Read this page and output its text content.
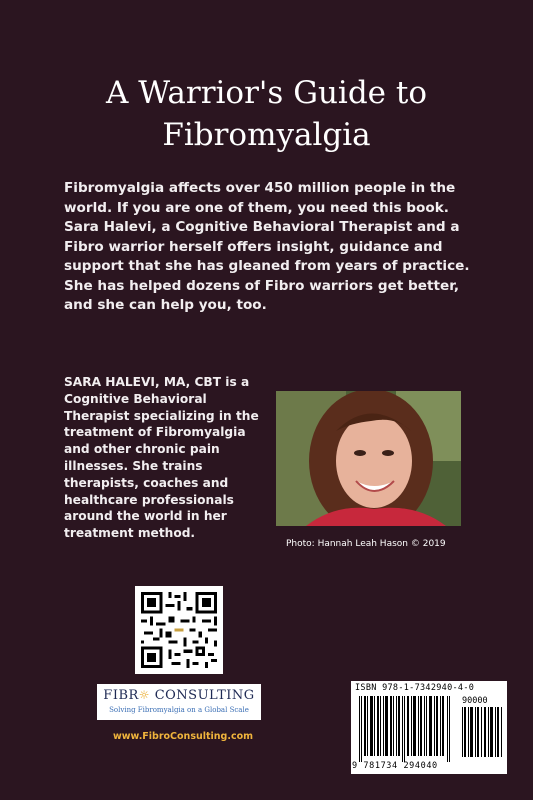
A Warrior's Guide to
Fibromyalgia
Fibromyalgia affects over 450 million people in the world. If you are one of them, you need this book. Sara Halevi, a Cognitive Behavioral Therapist and a Fibro warrior herself offers insight, guidance and support that she has gleaned from years of practice. She has helped dozens of Fibro warriors get better, and she can help you, too.
SARA HALEVI, MA, CBT is a Cognitive Behavioral Therapist specializing in the treatment of Fibromyalgia and other chronic pain illnesses. She trains therapists, coaches and healthcare professionals around the world in her treatment method.
Photo: Hannah Leah Hason © 2019
FIBR☼ CONSULTING
Solving Fibromyalgia on a Global Scale
www.FibroConsulting.com
ISBN 978-1-7342940-4-0
90000
9 781734 294040
